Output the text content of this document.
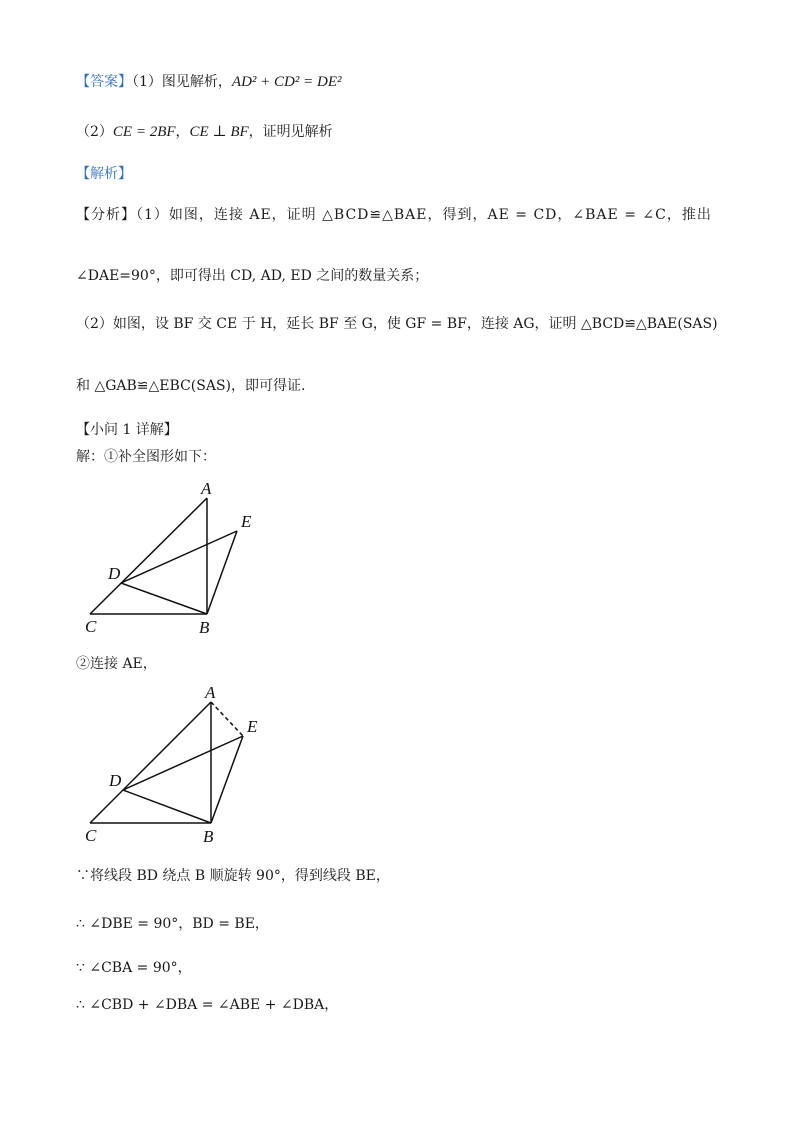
【答案】（1）图见解析，AD² + CD² = DE²
（2）CE = 2BF，CE ⊥ BF，证明见解析
【解析】
【分析】（1）如图，连接 AE，证明 △BCD≌△BAE，得到，AE = CD，∠BAE = ∠C，推出
∠DAE=90°，即可得出 CD, AD, ED 之间的数量关系；
（2）如图，设 BF 交 CE 于 H，延长 BF 至 G，使 GF = BF，连接 AG，证明 △BCD≌△BAE(SAS)
和 △GAB≌△EBC(SAS)，即可得证.
【小问 1 详解】
解：①补全图形如下：
A
E
D
C	B
②连接 AE，
A
E
D
C	B
∵将线段 BD 绕点 B 顺旋转 90°，得到线段 BE，
∴ ∠DBE = 90°，BD = BE，
∵ ∠CBA = 90°，
∴ ∠CBD + ∠DBA = ∠ABE + ∠DBA，
